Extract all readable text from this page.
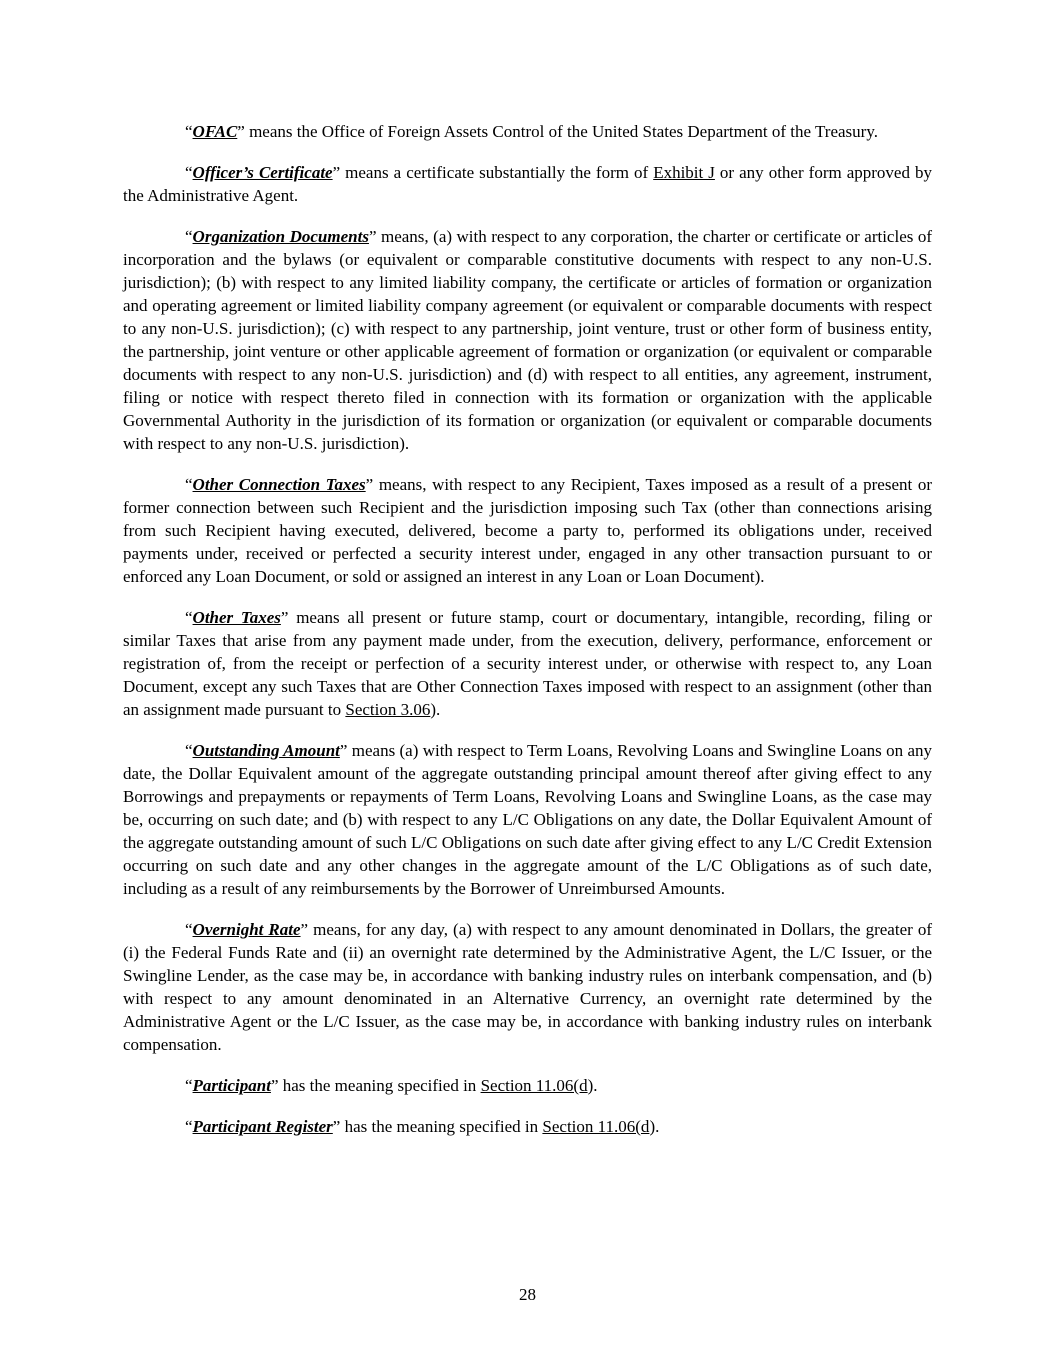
“OFAC” means the Office of Foreign Assets Control of the United States Department of the Treasury.

“Officer’s Certificate” means a certificate substantially the form of Exhibit J or any other form approved by the Administrative Agent.

“Organization Documents” means, (a) with respect to any corporation, the charter or certificate or articles of incorporation and the bylaws (or equivalent or comparable constitutive documents with respect to any non-U.S. jurisdiction); (b) with respect to any limited liability company, the certificate or articles of formation or organization and operating agreement or limited liability company agreement (or equivalent or comparable documents with respect to any non-U.S. jurisdiction); (c) with respect to any partnership, joint venture, trust or other form of business entity, the partnership, joint venture or other applicable agreement of formation or organization (or equivalent or comparable documents with respect to any non-U.S. jurisdiction) and (d) with respect to all entities, any agreement, instrument, filing or notice with respect thereto filed in connection with its formation or organization with the applicable Governmental Authority in the jurisdiction of its formation or organization (or equivalent or comparable documents with respect to any non-U.S. jurisdiction).

“Other Connection Taxes” means, with respect to any Recipient, Taxes imposed as a result of a present or former connection between such Recipient and the jurisdiction imposing such Tax (other than connections arising from such Recipient having executed, delivered, become a party to, performed its obligations under, received payments under, received or perfected a security interest under, engaged in any other transaction pursuant to or enforced any Loan Document, or sold or assigned an interest in any Loan or Loan Document).

“Other Taxes” means all present or future stamp, court or documentary, intangible, recording, filing or similar Taxes that arise from any payment made under, from the execution, delivery, performance, enforcement or registration of, from the receipt or perfection of a security interest under, or otherwise with respect to, any Loan Document, except any such Taxes that are Other Connection Taxes imposed with respect to an assignment (other than an assignment made pursuant to Section 3.06).

“Outstanding Amount” means (a) with respect to Term Loans, Revolving Loans and Swingline Loans on any date, the Dollar Equivalent amount of the aggregate outstanding principal amount thereof after giving effect to any Borrowings and prepayments or repayments of Term Loans, Revolving Loans and Swingline Loans, as the case may be, occurring on such date; and (b) with respect to any L/C Obligations on any date, the Dollar Equivalent Amount of the aggregate outstanding amount of such L/C Obligations on such date after giving effect to any L/C Credit Extension occurring on such date and any other changes in the aggregate amount of the L/C Obligations as of such date, including as a result of any reimbursements by the Borrower of Unreimbursed Amounts.

“Overnight Rate” means, for any day, (a) with respect to any amount denominated in Dollars, the greater of (i) the Federal Funds Rate and (ii) an overnight rate determined by the Administrative Agent, the L/C Issuer, or the Swingline Lender, as the case may be, in accordance with banking industry rules on interbank compensation, and (b) with respect to any amount denominated in an Alternative Currency, an overnight rate determined by the Administrative Agent or the L/C Issuer, as the case may be, in accordance with banking industry rules on interbank compensation.

“Participant” has the meaning specified in Section 11.06(d).

“Participant Register” has the meaning specified in Section 11.06(d).

28
